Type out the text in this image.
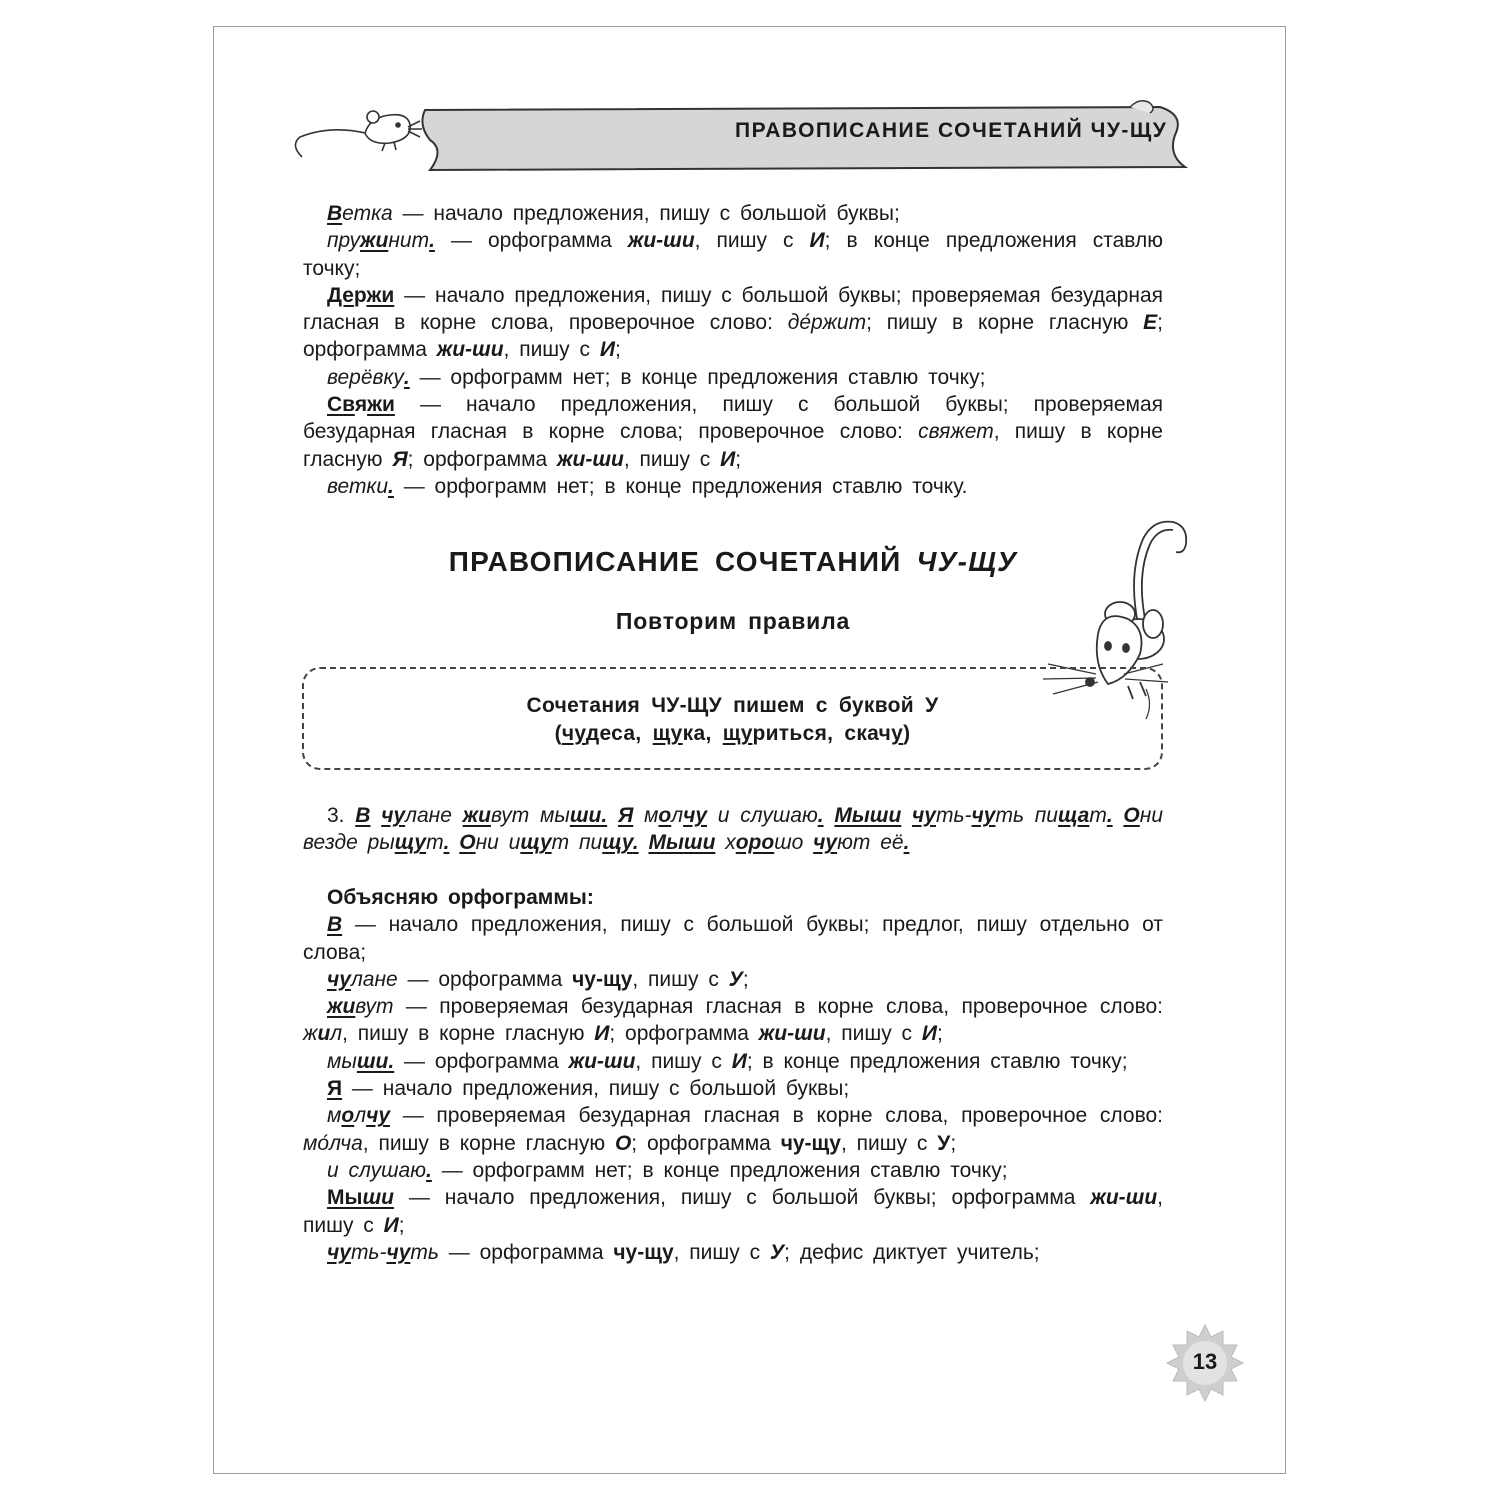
ПРАВОПИСАНИЕ СОЧЕТАНИЙ ЧУ-ЩУ

Ветка — начало предложения, пишу с большой буквы;

пружинит. — орфограмма жи-ши, пишу с И; в конце предложения ставлю точку;

Держи — начало предложения, пишу с большой буквы; проверяемая безударная гласная в корне слова, проверочное слово: де́ржит; пишу в корне гласную Е; орфограмма жи-ши, пишу с И;

верёвку. — орфограмм нет; в конце предложения ставлю точку;

Свяжи — начало предложения, пишу с большой буквы; проверяемая безударная гласная в корне слова; проверочное слово: свяжет, пишу в корне гласную Я; орфограмма жи-ши, пишу с И;

ветки. — орфограмм нет; в конце предложения ставлю точку.

ПРАВОПИСАНИЕ СОЧЕТАНИЙ ЧУ-ЩУ
Повторим правила
Сочетания ЧУ-ЩУ пишем с буквой У
(чудеса, щука, щуриться, скачу)

3. В чулане живут мыши. Я молчу и слушаю. Мыши чуть-чуть пищат. Они везде рыщут. Они ищут пищу. Мыши хорошо чуют её.

Объясняю орфограммы:

В — начало предложения, пишу с большой буквы; предлог, пишу отдельно от слова;

чулане — орфограмма чу-щу, пишу с У;

живут — проверяемая безударная гласная в корне слова, проверочное слово: жил, пишу в корне гласную И; орфограмма жи-ши, пишу с И;

мыши. — орфограмма жи-ши, пишу с И; в конце предложения ставлю точку;

Я — начало предложения, пишу с большой буквы;

молчу — проверяемая безударная гласная в корне слова, проверочное слово: мо́лча, пишу в корне гласную О; орфограмма чу-щу, пишу с У;

и слушаю. — орфограмм нет; в конце предложения ставлю точку;

Мыши — начало предложения, пишу с большой буквы; орфограмма жи-ши, пишу с И;

чуть-чуть — орфограмма чу-щу, пишу с У; дефис диктует учитель;

13
